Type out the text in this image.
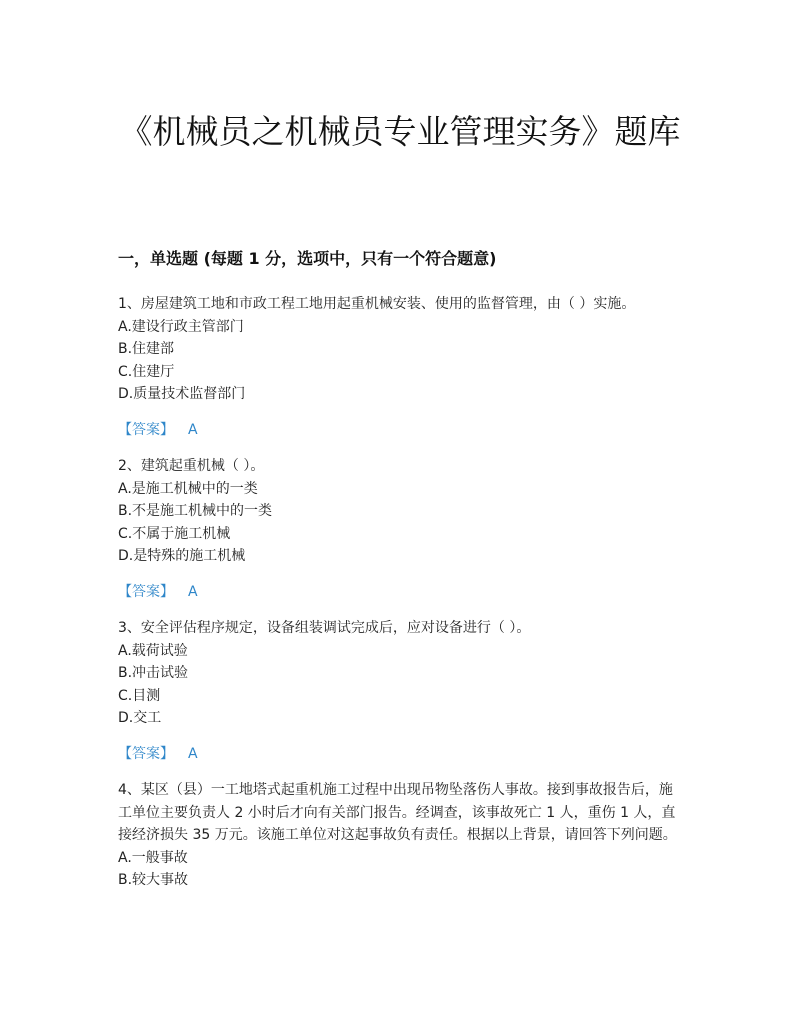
《机械员之机械员专业管理实务》题库
一，单选题 (每题 1 分，选项中，只有一个符合题意)

1、房屋建筑工地和市政工程工地用起重机械安装、使用的监督管理，由（ ）实施。

A.建设行政主管部门

B.住建部

C.住建厅

D.质量技术监督部门

【答案】 A

2、建筑起重机械（ ）。

A.是施工机械中的一类

B.不是施工机械中的一类

C.不属于施工机械

D.是特殊的施工机械

【答案】 A

3、安全评估程序规定，设备组装调试完成后，应对设备进行（ ）。

A.载荷试验

B.冲击试验

C.目测

D.交工

【答案】 A

4、某区（县）一工地塔式起重机施工过程中出现吊物坠落伤人事故。接到事故报告后，施工单位主要负责人 2 小时后才向有关部门报告。经调查，该事故死亡 1 人，重伤 1 人，直接经济损失 35 万元。该施工单位对这起事故负有责任。根据以上背景，请回答下列问题。

A.一般事故

B.较大事故
